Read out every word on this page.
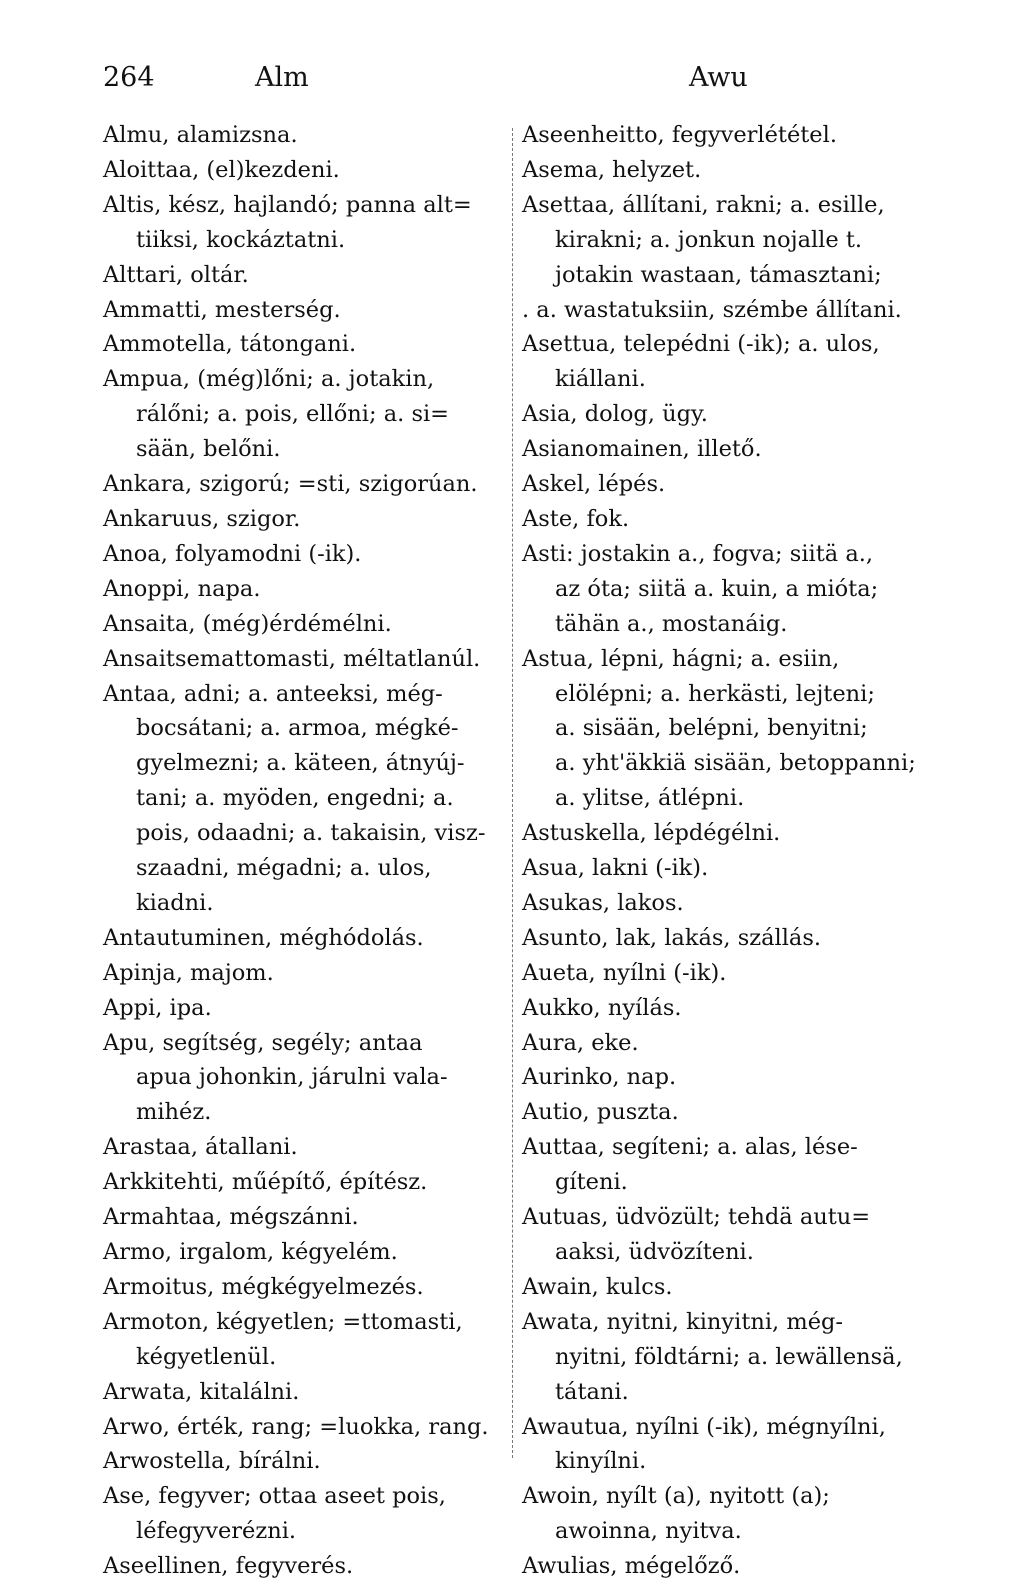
264	Alm	Awu

Almu, alamizsna.

Aloittaa, (el)kezdeni.

Altis, kész, hajlandó; panna alt=

tiiksi, kockáztatni.

Alttari, oltár.

Ammatti, mesterség.

Ammotella, tátongani.

Ampua, (még)lőni; a. jotakin,

rálőni; a. pois, ellőni; a. si=

sään, belőni.

Ankara, szigorú; =sti, szigorúan.

Ankaruus, szigor.

Anoa, folyamodni (-ik).

Anoppi, napa.

Ansaita, (még)érdémélni.

Ansaitsemattomasti, méltatlanúl.

Antaa, adni; a. anteeksi, még-

bocsátani; a. armoa, mégké-

gyelmezni; a. käteen, átnyúj-

tani; a. myöden, engedni; a.

pois, odaadni; a. takaisin, visz-

szaadni, mégadni; a. ulos,

kiadni.

Antautuminen, méghódolás.

Apinja, majom.

Appi, ipa.

Apu, segítség, segély; antaa

apua johonkin, járulni vala-

mihéz.

Arastaa, átallani.

Arkkitehti, műépítő, építész.

Armahtaa, mégszánni.

Armo, irgalom, kégyelém.

Armoitus, mégkégyelmezés.

Armoton, kégyetlen; =ttomasti,

kégyetlenül.

Arwata, kitalálni.

Arwo, érték, rang; =luokka, rang.

Arwostella, bírálni.

Ase, fegyver; ottaa aseet pois,

léfegyverézni.

Aseellinen, fegyverés.

Aseenheitto, fegyverlététel.

Asema, helyzet.

Asettaa, állítani, rakni; a. esille,

kirakni; a. jonkun nojalle t.

jotakin wastaan, támasztani;

. a. wastatuksiin, szémbe állítani.

Asettua, telepédni (-ik); a. ulos,

kiállani.

Asia, dolog, ügy.

Asianomainen, illető.

Askel, lépés.

Aste, fok.

Asti: jostakin a., fogva; siitä a.,

az óta; siitä a. kuin, a mióta;

tähän a., mostanáig.

Astua, lépni, hágni; a. esiin,

elölépni; a. herkästi, lejteni;

a. sisään, belépni, benyitni;

a. yht'äkkiä sisään, betoppanni;

a. ylitse, átlépni.

Astuskella, lépdégélni.

Asua, lakni (-ik).

Asukas, lakos.

Asunto, lak, lakás, szállás.

Aueta, nyílni (-ik).

Aukko, nyílás.

Aura, eke.

Aurinko, nap.

Autio, puszta.

Auttaa, segíteni; a. alas, lése-

gíteni.

Autuas, üdvözült; tehdä autu=

aaksi, üdvözíteni.

Awain, kulcs.

Awata, nyitni, kinyitni, még-

nyitni, földtárni; a. lewällensä,

tátani.

Awautua, nyílni (-ik), mégnyílni,

kinyílni.

Awoin, nyílt (a), nyitott (a);

awoinna, nyitva.

Awulias, mégelőző.
